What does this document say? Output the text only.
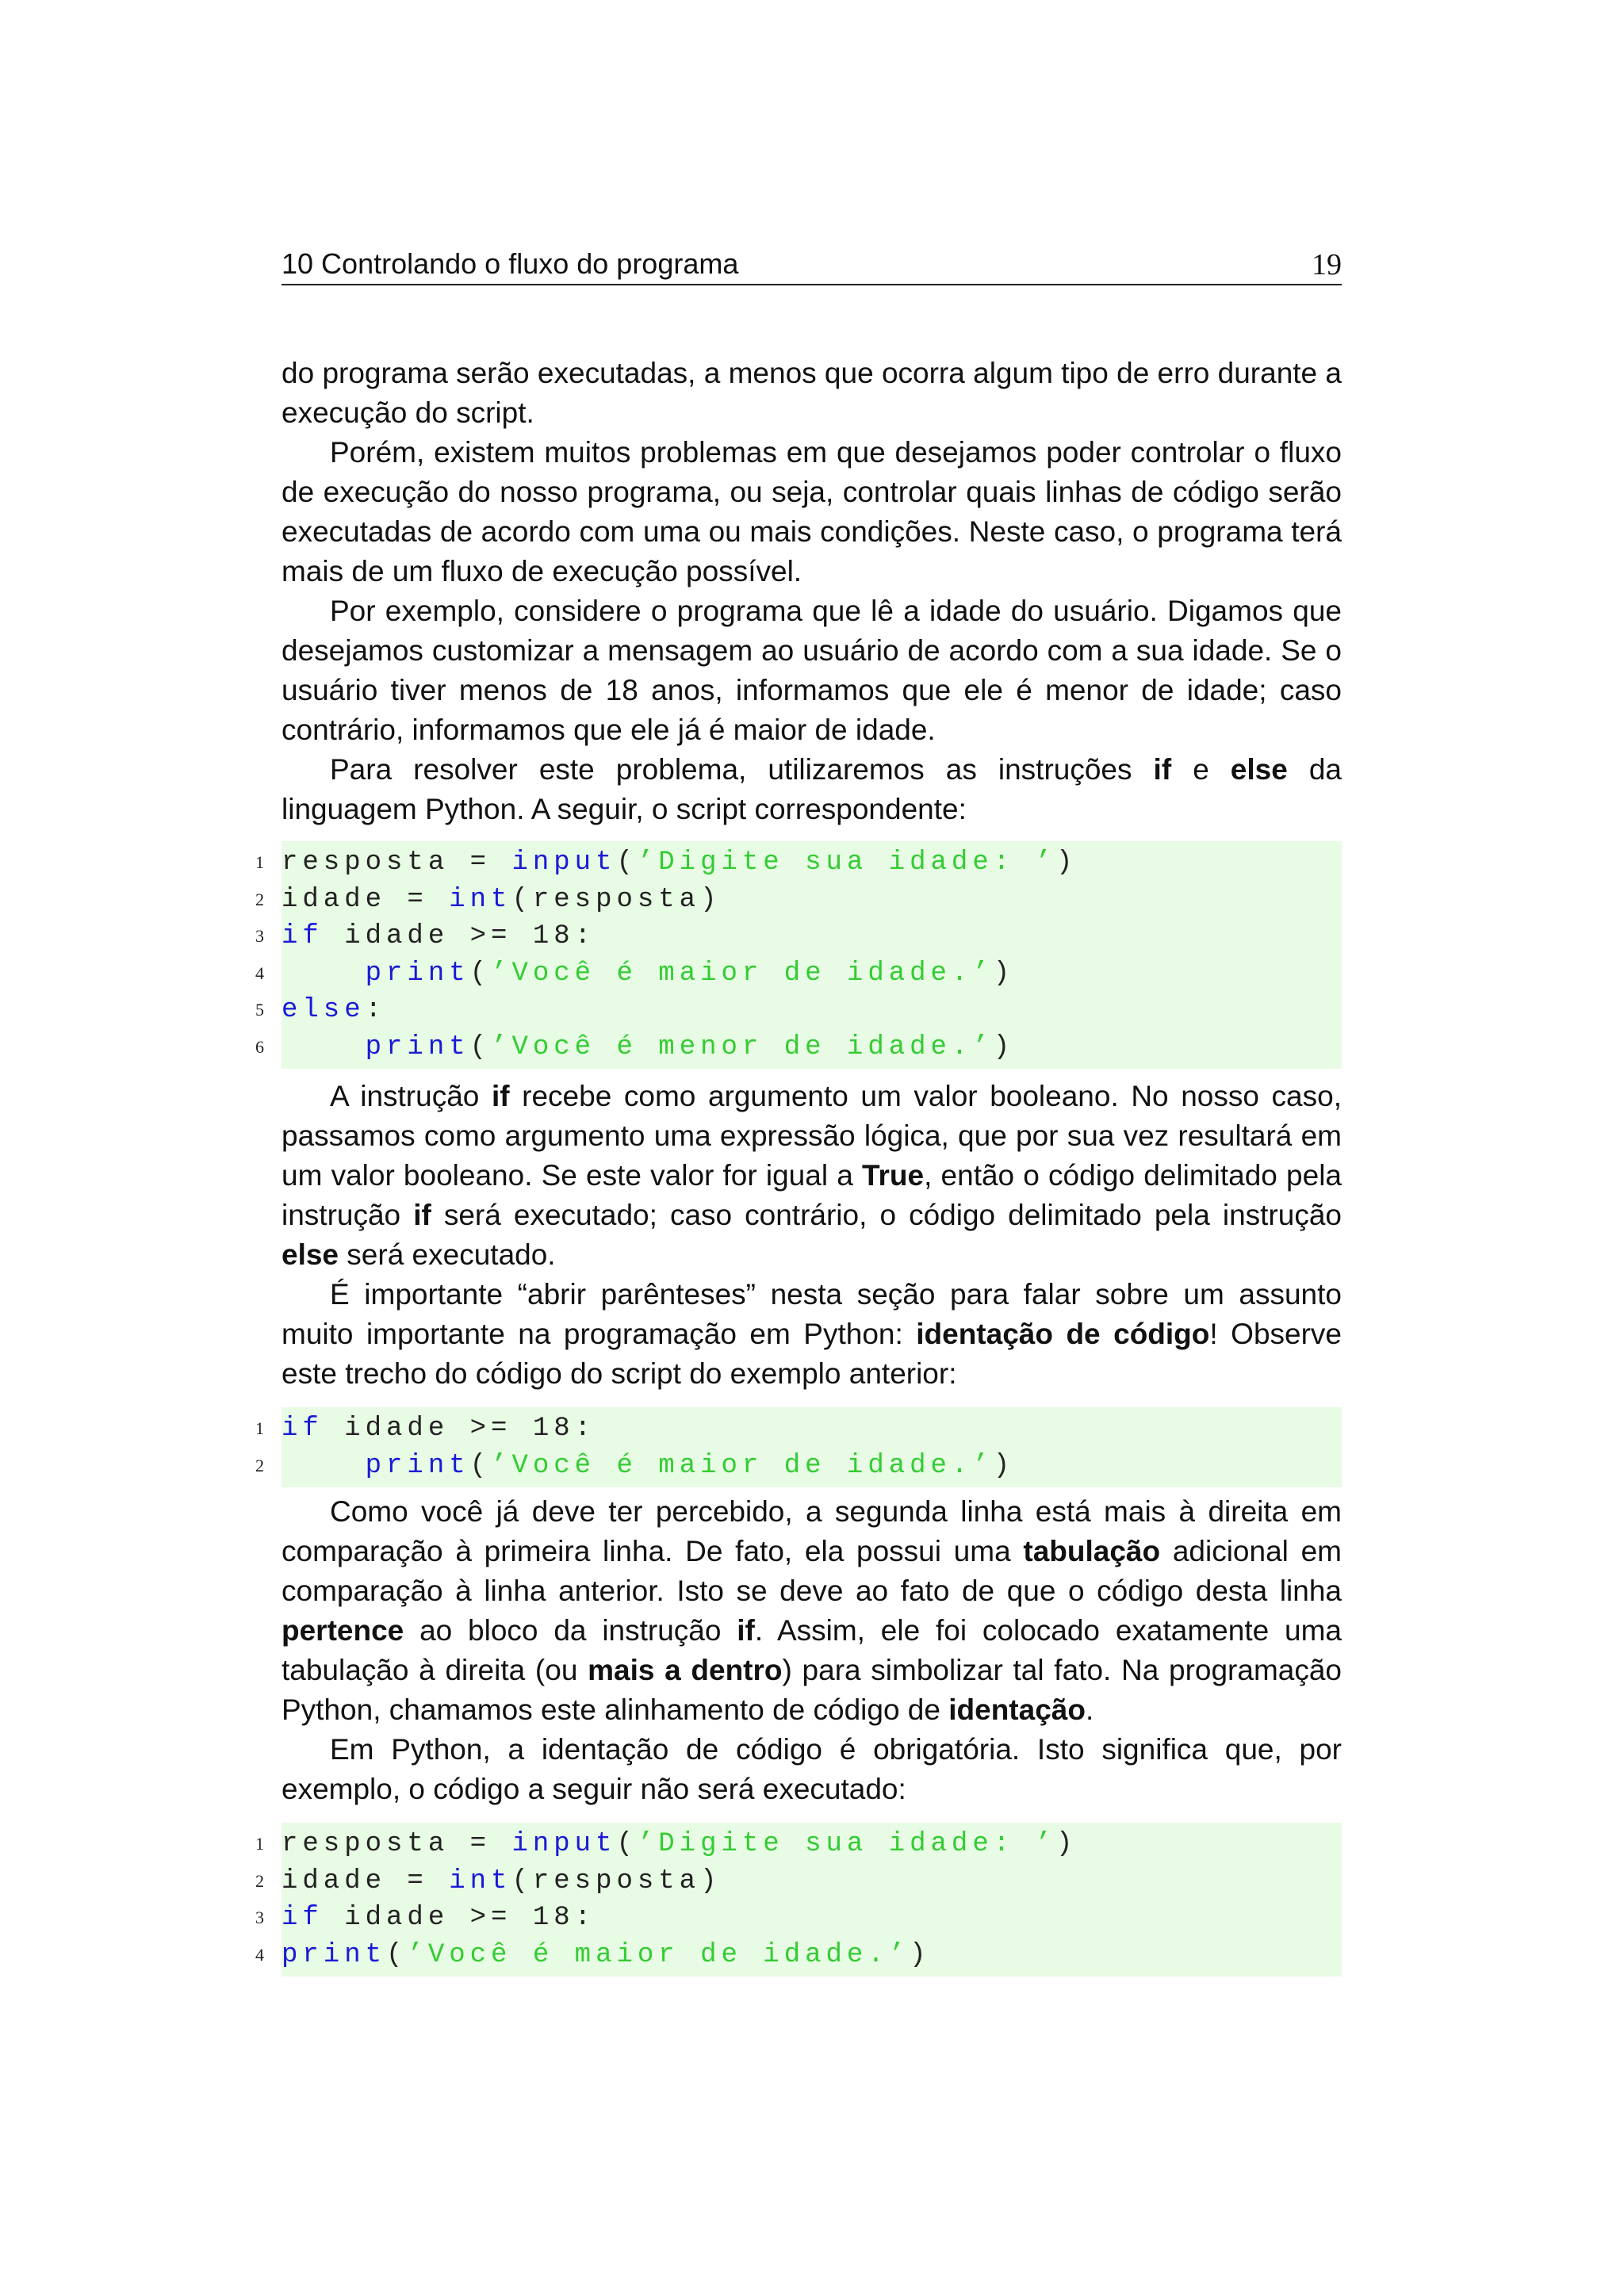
10 Controlando o fluxo do programa	19

do programa serão executadas, a menos que ocorra algum tipo de erro durante a execução do script.

Porém, existem muitos problemas em que desejamos poder controlar o fluxo de execução do nosso programa, ou seja, controlar quais linhas de código serão executadas de acordo com uma ou mais condições. Neste caso, o programa terá mais de um fluxo de execução possível.

Por exemplo, considere o programa que lê a idade do usuário. Digamos que desejamos customizar a mensagem ao usuário de acordo com a sua idade. Se o usuário tiver menos de 18 anos, informamos que ele é menor de idade; caso contrário, informamos que ele já é maior de idade.

Para resolver este problema, utilizaremos as instruções if e else da linguagem Python. A seguir, o script correspondente:

1 resposta = input(’Digite sua idade: ’)
2 idade = int(resposta)
3 if idade >= 18:
4	print(’Você é maior de idade.’)
5 else:
6	print(’Você é menor de idade.’)

A instrução if recebe como argumento um valor booleano. No nosso caso, passamos como argumento uma expressão lógica, que por sua vez resultará em um valor booleano. Se este valor for igual a True, então o código delimitado pela instrução if será executado; caso contrário, o código delimitado pela instrução else será executado.

É importante “abrir parênteses” nesta seção para falar sobre um assunto muito importante na programação em Python: identação de código! Observe este trecho do código do script do exemplo anterior:

1 if idade >= 18:
2	print(’Você é maior de idade.’)

Como você já deve ter percebido, a segunda linha está mais à direita em comparação à primeira linha. De fato, ela possui uma tabulação adicional em comparação à linha anterior. Isto se deve ao fato de que o código desta linha pertence ao bloco da instrução if. Assim, ele foi colocado exatamente uma tabulação à direita (ou mais a dentro) para simbolizar tal fato. Na programação Python, chamamos este alinhamento de código de identação.

Em Python, a identação de código é obrigatória. Isto significa que, por exemplo, o código a seguir não será executado:

1 resposta = input(’Digite sua idade: ’)
2 idade = int(resposta)
3 if idade >= 18:
4 print(’Você é maior de idade.’)
